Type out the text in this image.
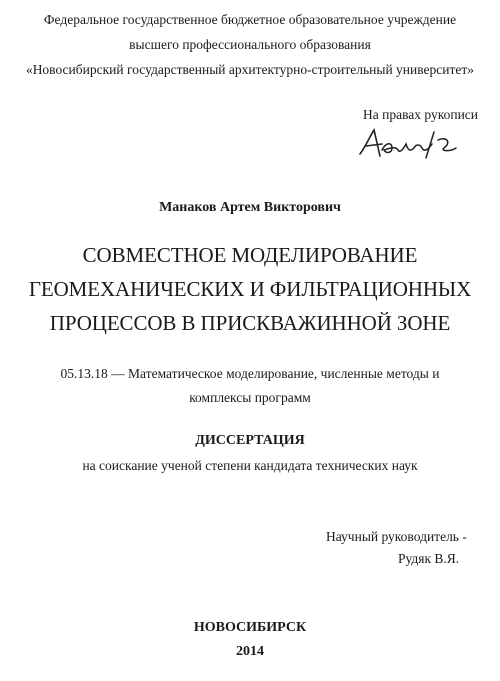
Федеральное государственное бюджетное образовательное учреждение
высшего профессионального образования
«Новосибирский государственный архитектурно-строительный университет»
На правах рукописи
Манаков Артем Викторович
СОВМЕСТНОЕ МОДЕЛИРОВАНИЕ
ГЕОМЕХАНИЧЕСКИХ И ФИЛЬТРАЦИОННЫХ
ПРОЦЕССОВ В ПРИСКВАЖИННОЙ ЗОНЕ
05.13.18 — Математическое моделирование, численные методы и
комплексы программ
ДИССЕРТАЦИЯ
на соискание ученой степени кандидата технических наук
Научный руководитель -
Рудяк В.Я.
НОВОСИБИРСК
2014
